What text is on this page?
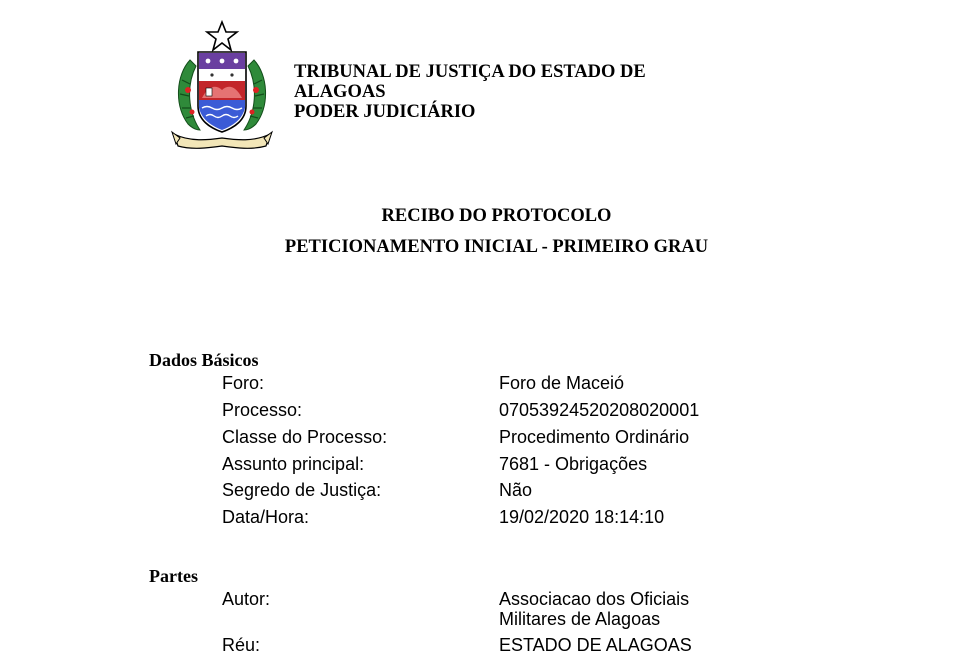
TRIBUNAL DE JUSTIÇA DO ESTADO DE
ALAGOAS
PODER JUDICIÁRIO
RECIBO DO PROTOCOLO
PETICIONAMENTO INICIAL - PRIMEIRO GRAU
Dados Básicos
Foro:	Foro de Maceió
Processo:	07053924520208020001
Classe do Processo:	Procedimento Ordinário
Assunto principal:	7681 - Obrigações
Segredo de Justiça:	Não
Data/Hora:	19/02/2020 18:14:10
Partes
Autor:	Associacao dos Oficiais
Militares de Alagoas
Réu:	ESTADO DE ALAGOAS
